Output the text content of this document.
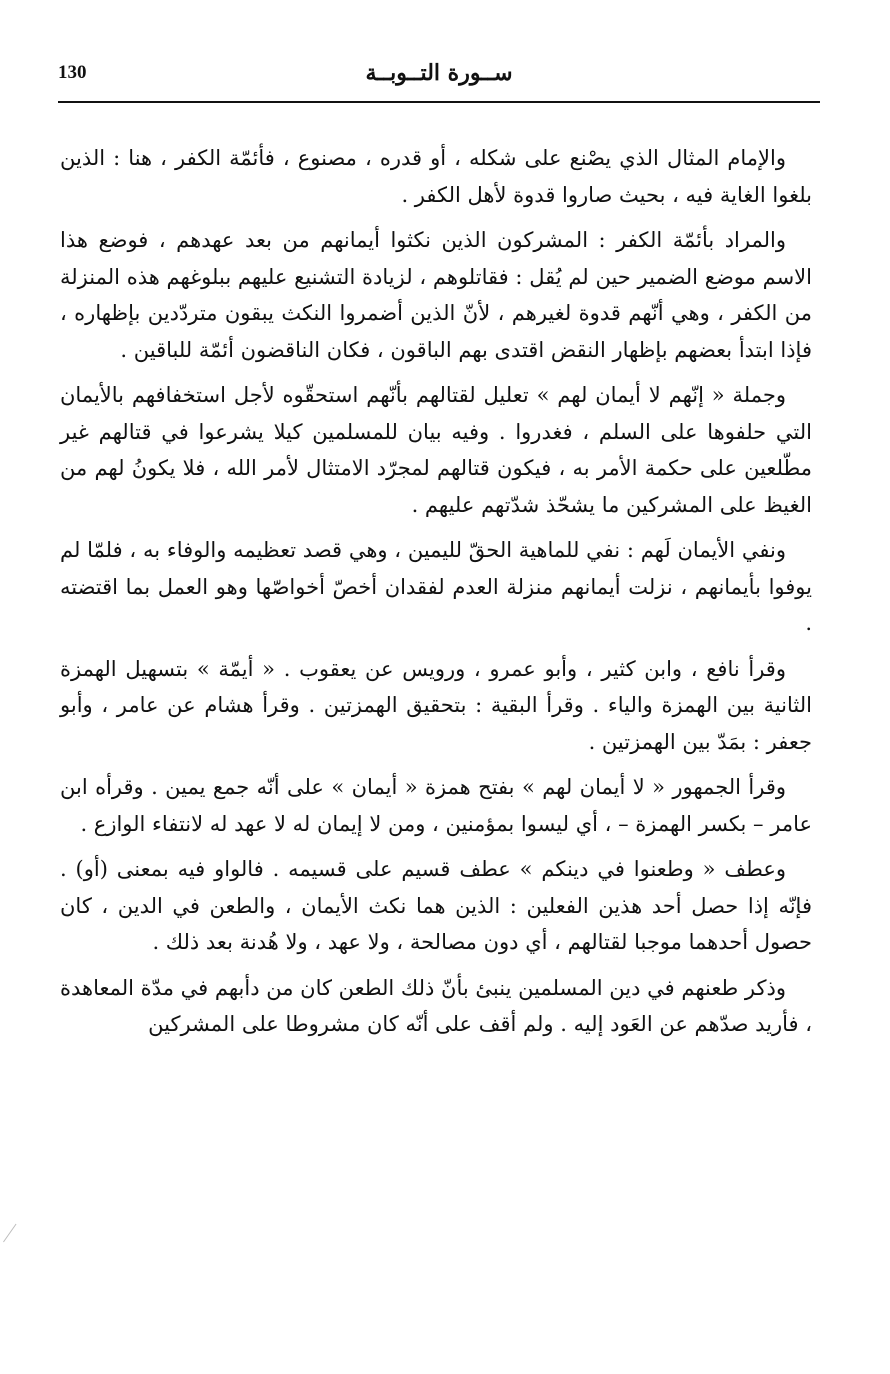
130	ســورة التــوبــة

والإمام المثال الذي يصْنع على شكله ، أو قدره ، مصنوع ، فأئمّة الكفر ، هنا : الذين بلغوا الغاية فيه ، بحيث صاروا قدوة لأهل الكفر .

والمراد بأئمّة الكفر : المشركون الذين نكثوا أيمانهم من بعد عهدهم ، فوضع هذا الاسم موضع الضمير حين لم يُقل : فقاتلوهم ، لزيادة التشنيع عليهم ببلوغهم هذه المنزلة من الكفر ، وهي أنّهم قدوة لغيرهم ، لأنّ الذين أضمروا النكث يبقون متردّدين بإظهاره ، فإذا ابتدأ بعضهم بإظهار النقض اقتدى بهم الباقون ، فكان الناقضون أئمّة للباقين .

وجملة « إنّهم لا أيمان لهم » تعليل لقتالهم بأنّهم استحقّوه لأجل استخفافهم بالأيمان التي حلفوها على السلم ، فغدروا . وفيه بيان للمسلمين كيلا يشرعوا في قتالهم غير مطّلعين على حكمة الأمر به ، فيكون قتالهم لمجرّد الامتثال لأمر الله ، فلا يكونُ لهم من الغيظ على المشركين ما يشحّذ شدّتهم عليهم .

ونفي الأيمان لَهم : نفي للماهية الحقّ لليمين ، وهي قصد تعظيمه والوفاء به ، فلمّا لم يوفوا بأيمانهم ، نزلت أيمانهم منزلة العدم لفقدان أخصّ أخواصّها وهو العمل بما اقتضته .

وقرأ نافع ، وابن كثير ، وأبو عمرو ، ورويس عن يعقوب . « أيمّة » بتسهيل الهمزة الثانية بين الهمزة والياء . وقرأ البقية : بتحقيق الهمزتين . وقرأ هشام عن عامر ، وأبو جعفر : بمَدّ بين الهمزتين .

وقرأ الجمهور « لا أيمان لهم » بفتح همزة « أيمان » على أنّه جمع يمين . وقرأه ابن عامر – بكسر الهمزة – ، أي ليسوا بمؤمنين ، ومن لا إيمان له لا عهد له لانتفاء الوازع .

وعطف « وطعنوا في دينكم » عطف قسيم على قسيمه . فالواو فيه بمعنى (أو) . فإنّه إذا حصل أحد هذين الفعلين : الذين هما نكث الأيمان ، والطعن في الدين ، كان حصول أحدهما موجبا لقتالهم ، أي دون مصالحة ، ولا عهد ، ولا هُدنة بعد ذلك .

وذكر طعنهم في دين المسلمين ينبئ بأنّ ذلك الطعن كان من دأبهم في مدّة المعاهدة ، فأريد صدّهم عن العَود إليه . ولم أقف على أنّه كان مشروطا على المشركين
